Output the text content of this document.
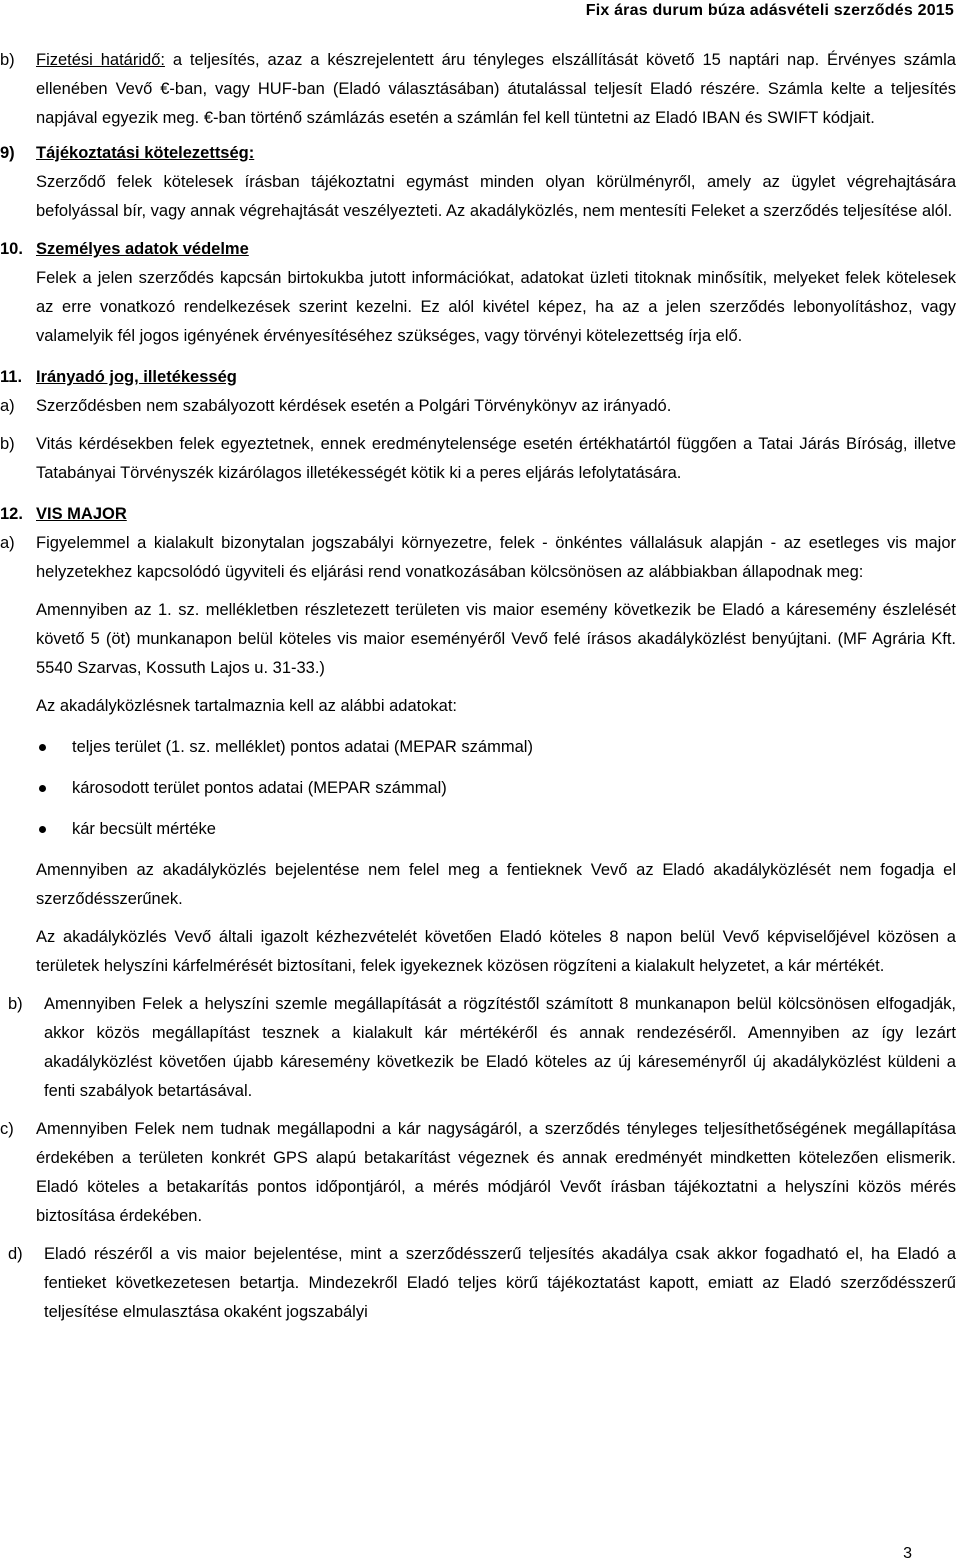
Fix áras durum búza adásvételi szerződés 2015

b) Fizetési határidő: a teljesítés, azaz a készrejelentett áru tényleges elszállítását követő 15 naptári nap. Érvényes számla ellenében Vevő €-ban, vagy HUF-ban (Eladó választásában) átutalással teljesít Eladó részére. Számla kelte a teljesítés napjával egyezik meg. €-ban történő számlázás esetén a számlán fel kell tüntetni az Eladó IBAN és SWIFT kódjait.

9) Tájékoztatási kötelezettség:

Szerződő felek kötelesek írásban tájékoztatni egymást minden olyan körülményről, amely az ügylet végrehajtására befolyással bír, vagy annak végrehajtását veszélyezteti. Az akadályközlés, nem mentesíti Feleket a szerződés teljesítése alól.

10. Személyes adatok védelme

Felek a jelen szerződés kapcsán birtokukba jutott információkat, adatokat üzleti titoknak minősítik, melyeket felek kötelesek az erre vonatkozó rendelkezések szerint kezelni. Ez alól kivétel képez, ha az a jelen szerződés lebonyolításhoz, vagy valamelyik fél jogos igényének érvényesítéséhez szükséges, vagy törvényi kötelezettség írja elő.

11. Irányadó jog, illetékesség

a) Szerződésben nem szabályozott kérdések esetén a Polgári Törvénykönyv az irányadó.

b) Vitás kérdésekben felek egyeztetnek, ennek eredménytelensége esetén értékhatártól függően a Tatai Járás Bíróság, illetve Tatabányai Törvényszék kizárólagos illetékességét kötik ki a peres eljárás lefolytatására.

12. VIS MAJOR

a) Figyelemmel a kialakult bizonytalan jogszabályi környezetre, felek - önkéntes vállalásuk alapján - az esetleges vis major helyzetekhez kapcsolódó ügyviteli és eljárási rend vonatkozásában kölcsönösen az alábbiakban állapodnak meg:

Amennyiben az 1. sz. mellékletben részletezett területen vis maior esemény következik be Eladó a káresemény észlelését követő 5 (öt) munkanapon belül köteles vis maior eseményéről Vevő felé írásos akadályközlést benyújtani. (MF Agrária Kft. 5540 Szarvas, Kossuth Lajos u. 31-33.)

Az akadályközlésnek tartalmaznia kell az alábbi adatokat:

teljes terület (1. sz. melléklet) pontos adatai (MEPAR számmal)
károsodott terület pontos adatai (MEPAR számmal)
kár becsült mértéke

Amennyiben az akadályközlés bejelentése nem felel meg a fentieknek Vevő az Eladó akadályközlését nem fogadja el szerződésszerűnek.

Az akadályközlés Vevő általi igazolt kézhezvételét követően Eladó köteles 8 napon belül Vevő képviselőjével közösen a területek helyszíni kárfelmérését biztosítani, felek igyekeznek közösen rögzíteni a kialakult helyzetet, a kár mértékét.

b) Amennyiben Felek a helyszíni szemle megállapítását a rögzítéstől számított 8 munkanapon belül kölcsönösen elfogadják, akkor közös megállapítást tesznek a kialakult kár mértékéről és annak rendezéséről. Amennyiben az így lezárt akadályközlést követően újabb káresemény következik be Eladó köteles az új káreseményről új akadályközlést küldeni a fenti szabályok betartásával.

c) Amennyiben Felek nem tudnak megállapodni a kár nagyságáról, a szerződés tényleges teljesíthetőségének megállapítása érdekében a területen konkrét GPS alapú betakarítást végeznek és annak eredményét mindketten kötelezően elismerik. Eladó köteles a betakarítás pontos időpontjáról, a mérés módjáról Vevőt írásban tájékoztatni a helyszíni közös mérés biztosítása érdekében.

d) Eladó részéről a vis maior bejelentése, mint a szerződésszerű teljesítés akadálya csak akkor fogadható el, ha Eladó a fentieket következetesen betartja. Mindezekről Eladó teljes körű tájékoztatást kapott, emiatt az Eladó szerződésszerű teljesítése elmulasztása okaként jogszabályi

3
